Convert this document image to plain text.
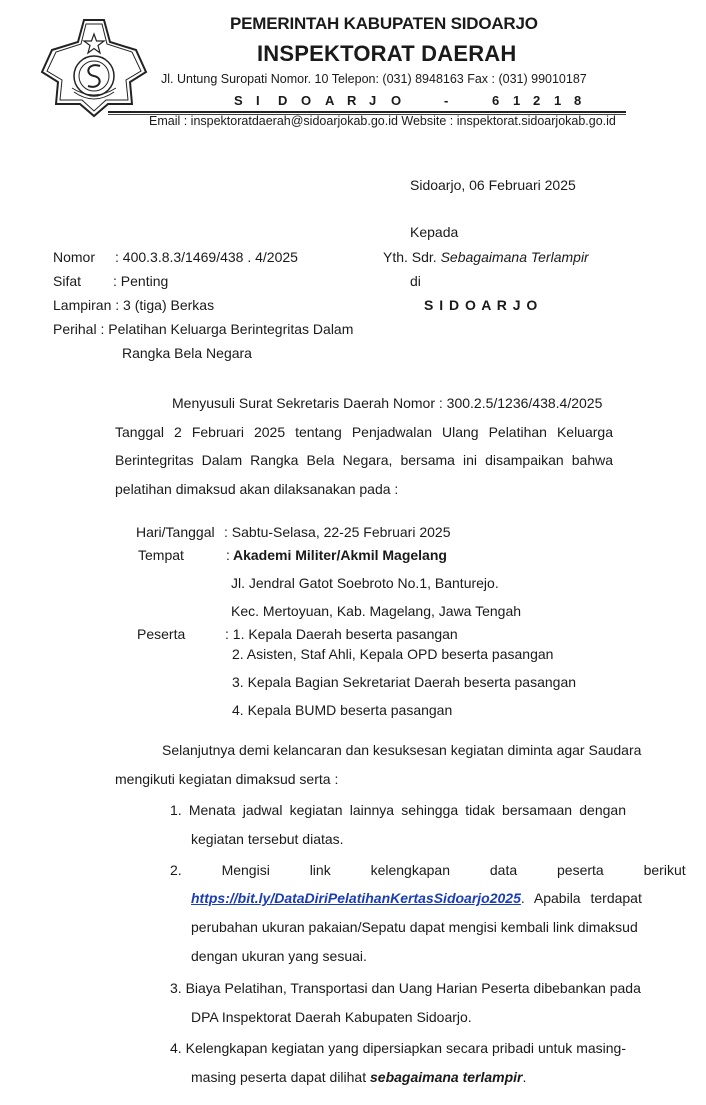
PEMERINTAH KABUPATEN SIDOARJO
INSPEKTORAT DAERAH
Jl. Untung Suropati Nomor. 10 Telepon: (031) 8948163 Fax : (031) 99010187
S I D O A R J O	-	6 1 2 1 8
Email : inspektoratdaerah@sidoarjokab.go.id Website : inspektorat.sidoarjokab.go.id
Sidoarjo, 06 Februari 2025
Kepada
Yth. Sdr. Sebagaimana Terlampir
di
S I D O A R J O
Nomor : 400.3.8.3/1469/438 . 4/2025
Sifat : Penting
Lampiran : 3 (tiga) Berkas
Perihal : Pelatihan Keluarga Berintegritas Dalam
Rangka Bela Negara
Menyusuli Surat Sekretaris Daerah Nomor : 300.2.5/1236/438.4/2025
Tanggal 2 Februari 2025 tentang Penjadwalan Ulang Pelatihan Keluarga
Berintegritas Dalam Rangka Bela Negara, bersama ini disampaikan bahwa
pelatihan dimaksud akan dilaksanakan pada :
Hari/Tanggal : Sabtu-Selasa, 22-25 Februari 2025
Tempat	: Akademi Militer/Akmil Magelang
Jl. Jendral Gatot Soebroto No.1, Banturejo.
Kec. Mertoyuan, Kab. Magelang, Jawa Tengah
Peserta	: 1. Kepala Daerah beserta pasangan
2. Asisten, Staf Ahli, Kepala OPD beserta pasangan
3. Kepala Bagian Sekretariat Daerah beserta pasangan
4. Kepala BUMD beserta pasangan
Selanjutnya demi kelancaran dan kesuksesan kegiatan diminta agar Saudara
mengikuti kegiatan dimaksud serta :
1. Menata jadwal kegiatan lainnya sehingga tidak bersamaan dengan
kegiatan tersebut diatas.
2. Mengisi link kelengkapan data peserta berikut
https://bit.ly/DataDiriPelatihanKertasSidoarjo2025 . Apabila terdapat
perubahan ukuran pakaian/Sepatu dapat mengisi kembali link dimaksud
dengan ukuran yang sesuai.
3. Biaya Pelatihan, Transportasi dan Uang Harian Peserta dibebankan pada
DPA Inspektorat Daerah Kabupaten Sidoarjo.
4. Kelengkapan kegiatan yang dipersiapkan secara pribadi untuk masing-
masing peserta dapat dilihat sebagaimana terlampir.
